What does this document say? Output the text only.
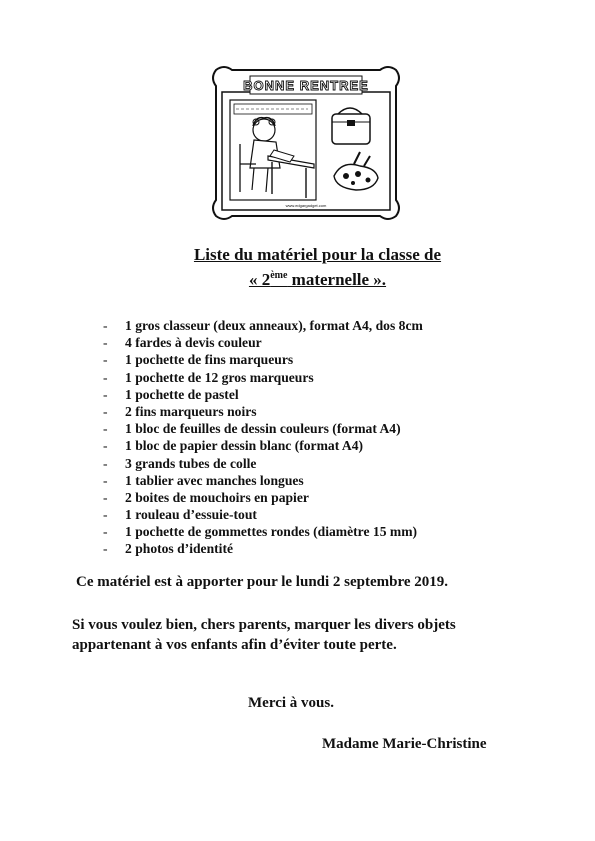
BONNE RENTREE
www.edgargadget.com
Liste du matériel pour la classe de
« 2ème maternelle ».
- 1 gros classeur (deux anneaux), format A4, dos 8cm
- 4 fardes à devis couleur
- 1 pochette de fins marqueurs
- 1 pochette de 12 gros marqueurs
- 1 pochette de pastel
- 2 fins marqueurs noirs
- 1 bloc de feuilles de dessin couleurs (format A4)
- 1 bloc de papier dessin blanc (format A4)
- 3 grands tubes de colle
- 1 tablier avec manches longues
- 2 boites de mouchoirs en papier
- 1 rouleau d’essuie-tout
- 1 pochette de gommettes rondes (diamètre 15 mm)
- 2 photos d’identité
Ce matériel est à apporter pour le lundi 2 septembre 2019.
Si vous voulez bien, chers parents, marquer les divers objets
appartenant à vos enfants afin d’éviter toute perte.
Merci à vous.
Madame Marie-Christine
